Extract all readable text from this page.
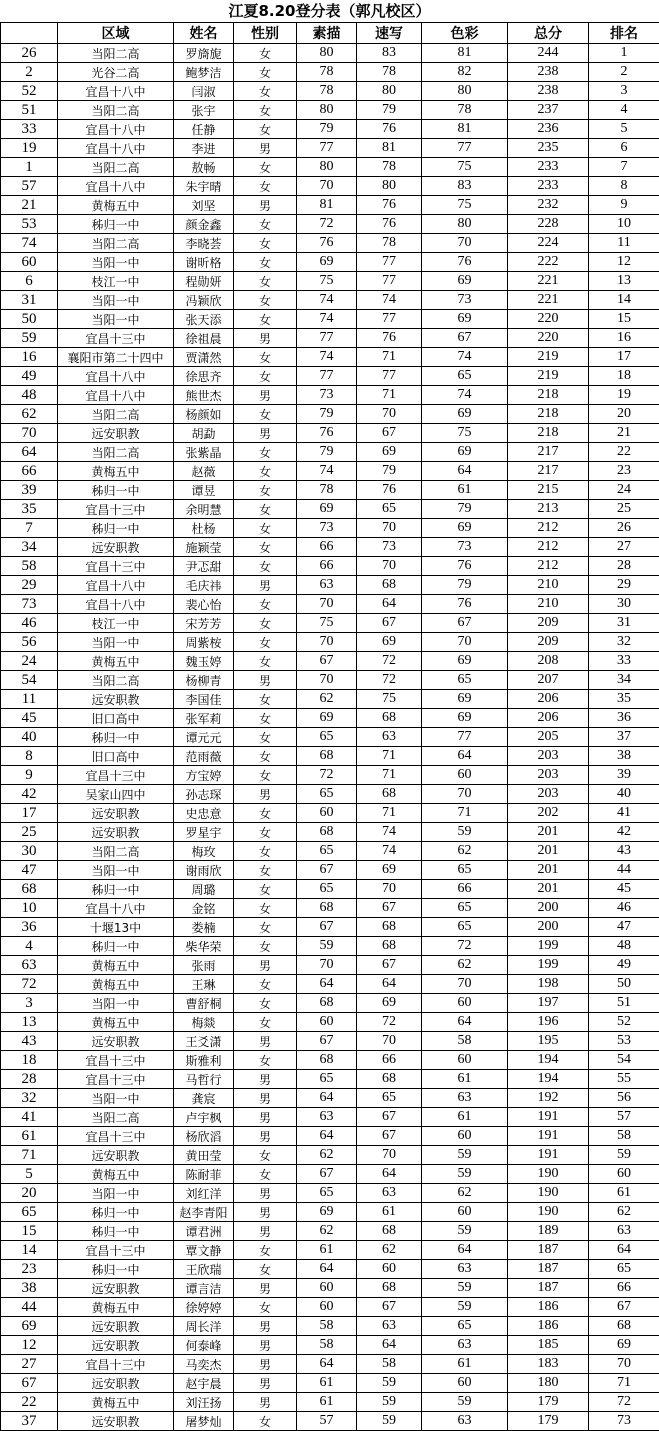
江夏8.20登分表（郭凡校区）
	区域	姓名	性别	素描	速写	色彩	总分	排名
26	当阳二高	罗旖旎	女	80	83	81	244	1
2	光谷二高	鲍梦洁	女	78	78	82	238	2
52	宜昌十八中	闫淑	女	78	80	80	238	3
51	当阳二高	张宇	女	80	79	78	237	4
33	宜昌十八中	任静	女	79	76	81	236	5
19	宜昌十八中	李进	男	77	81	77	235	6
1	当阳二高	敖畅	女	80	78	75	233	7
57	宜昌十八中	朱宇晴	女	70	80	83	233	8
21	黄梅五中	刘坚	男	81	76	75	232	9
53	秭归一中	颜金鑫	女	72	76	80	228	10
74	当阳二高	李晓荟	女	76	78	70	224	11
60	当阳一中	谢昕格	女	69	77	76	222	12
6	枝江一中	程勋妍	女	75	77	69	221	13
31	当阳一中	冯颖欣	女	74	74	73	221	14
50	当阳一中	张天添	女	74	77	69	220	15
59	宜昌十三中	徐祖晨	男	77	76	67	220	16
16	襄阳市第二十四中	贾潇然	女	74	71	74	219	17
49	宜昌十八中	徐思齐	女	77	77	65	219	18
48	宜昌十八中	熊世杰	男	73	71	74	218	19
62	当阳二高	杨颜如	女	79	70	69	218	20
70	远安职教	胡勐	男	76	67	75	218	21
64	当阳二高	张紫晶	女	79	69	69	217	22
66	黄梅五中	赵薇	女	74	79	64	217	23
39	秭归一中	谭昱	女	78	76	61	215	24
35	宜昌十三中	余明慧	女	69	65	79	213	25
7	秭归一中	杜杨	女	73	70	69	212	26
34	远安职教	施颖莹	女	66	73	73	212	27
58	宜昌十三中	尹忑甜	女	66	70	76	212	28
29	宜昌十八中	毛庆祎	男	63	68	79	210	29
73	宜昌十八中	裴心怡	女	70	64	76	210	30
46	枝江一中	宋芳芳	女	75	67	67	209	31
56	当阳一中	周紫桉	女	70	69	70	209	32
24	黄梅五中	魏玉婷	女	67	72	69	208	33
54	当阳二高	杨柳青	男	70	72	65	207	34
11	远安职教	李国佳	女	62	75	69	206	35
45	旧口高中	张军莉	女	69	68	69	206	36
40	秭归一中	谭元元	女	65	63	77	205	37
8	旧口高中	范雨薇	女	68	71	64	203	38
9	宜昌十三中	方宝婷	女	72	71	60	203	39
42	吴家山四中	孙志琛	男	65	68	70	203	40
17	远安职教	史忠意	女	60	71	71	202	41
25	远安职教	罗星宇	女	68	74	59	201	42
30	当阳二高	梅玫	女	65	74	62	201	43
47	当阳一中	谢雨欣	女	67	69	65	201	44
68	秭归一中	周璐	女	65	70	66	201	45
10	宜昌十八中	金铭	女	68	67	65	200	46
36	十堰13中	娄楠	女	67	68	65	200	47
4	秭归一中	柴华荣	女	59	68	72	199	48
63	黄梅五中	张雨	男	70	67	62	199	49
72	黄梅五中	王琳	女	64	64	70	198	50
3	当阳一中	曹舒桐	女	68	69	60	197	51
13	黄梅五中	梅燚	女	60	72	64	196	52
43	远安职教	王爻潇	男	67	70	58	195	53
18	宜昌十三中	斯雅利	女	68	66	60	194	54
28	宜昌十三中	马哲行	男	65	68	61	194	55
32	当阳一中	龚宸	男	64	65	63	192	56
41	当阳二高	卢宇枫	男	63	67	61	191	57
61	宜昌十三中	杨欣滔	男	64	67	60	191	58
71	远安职教	黄田莹	女	62	70	59	191	59
5	黄梅五中	陈耐菲	女	67	64	59	190	60
20	当阳一中	刘红洋	男	65	63	62	190	61
65	秭归一中	赵李青阳	男	69	61	60	190	62
15	秭归一中	谭君洲	男	62	68	59	189	63
14	宜昌十三中	覃文静	女	61	62	64	187	64
23	秭归一中	王欣瑞	女	64	60	63	187	65
38	远安职教	谭言洁	男	60	68	59	187	66
44	黄梅五中	徐婷婷	女	60	67	59	186	67
69	远安职教	周长洋	男	58	63	65	186	68
12	远安职教	何泰峰	男	58	64	63	185	69
27	宜昌十三中	马奕杰	男	64	58	61	183	70
67	远安职教	赵宇晨	男	61	59	60	180	71
22	黄梅五中	刘汪扬	男	61	59	59	179	72
37	远安职教	屠梦灿	女	57	59	63	179	73
